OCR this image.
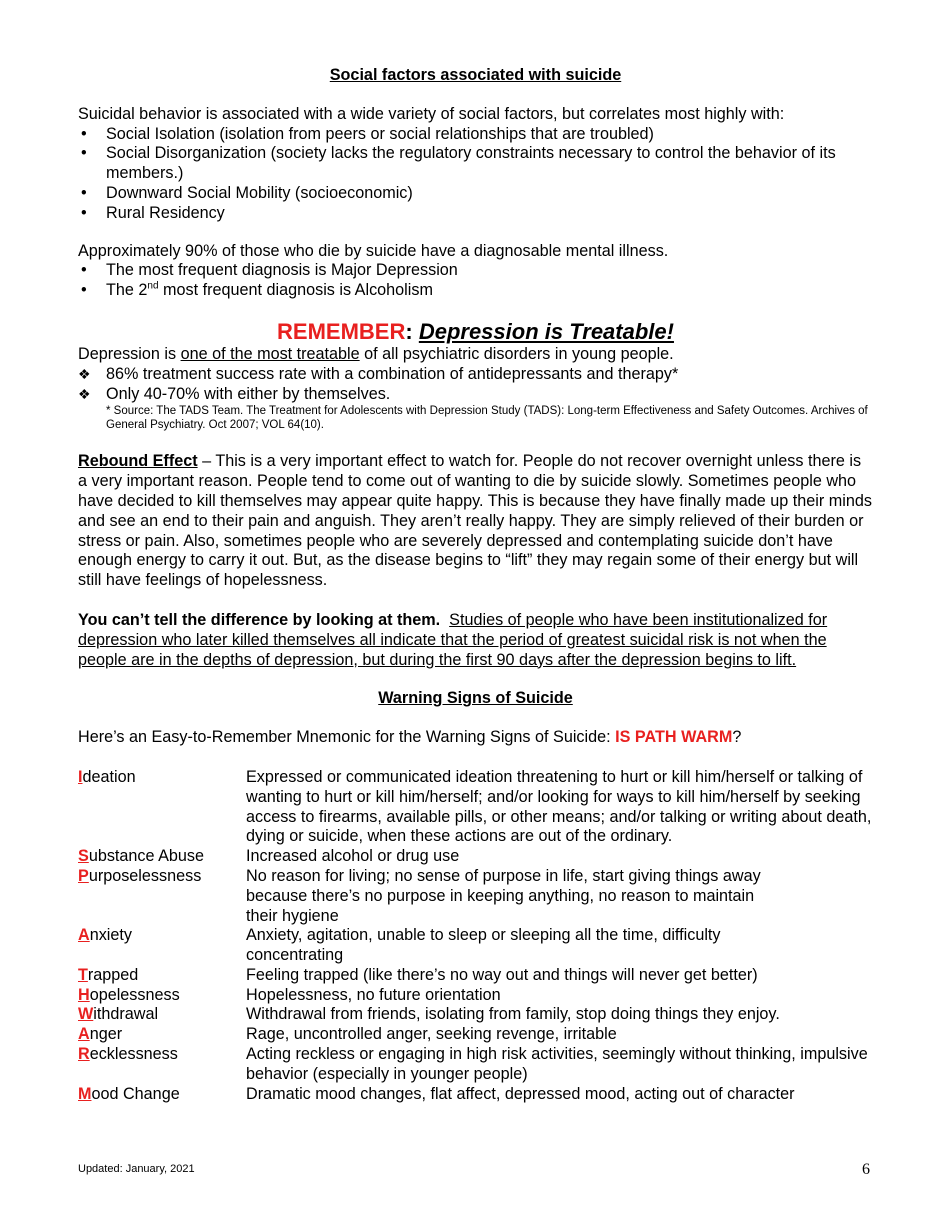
Social factors associated with suicide

Suicidal behavior is associated with a wide variety of social factors, but correlates most highly with:

• Social Isolation (isolation from peers or social relationships that are troubled)
• Social Disorganization (society lacks the regulatory constraints necessary to control the behavior of its members.)
• Downward Social Mobility (socioeconomic)
• Rural Residency

Approximately 90% of those who die by suicide have a diagnosable mental illness.

• The most frequent diagnosis is Major Depression
• The 2nd most frequent diagnosis is Alcoholism

REMEMBER: Depression is Treatable!

Depression is one of the most treatable of all psychiatric disorders in young people.

❖ 86% treatment success rate with a combination of antidepressants and therapy*
❖ Only 40-70% with either by themselves.

* Source: The TADS Team. The Treatment for Adolescents with Depression Study (TADS): Long-term Effectiveness and Safety Outcomes. Archives of General Psychiatry. Oct 2007; VOL 64(10).

Rebound Effect – This is a very important effect to watch for. People do not recover overnight unless there is a very important reason. People tend to come out of wanting to die by suicide slowly. Sometimes people who have decided to kill themselves may appear quite happy. This is because they have finally made up their minds and see an end to their pain and anguish. They aren’t really happy. They are simply relieved of their burden or stress or pain. Also, sometimes people who are severely depressed and contemplating suicide don’t have enough energy to carry it out. But, as the disease begins to “lift” they may regain some of their energy but will still have feelings of hopelessness.

You can’t tell the difference by looking at them. Studies of people who have been institutionalized for depression who later killed themselves all indicate that the period of greatest suicidal risk is not when the people are in the depths of depression, but during the first 90 days after the depression begins to lift.

Warning Signs of Suicide

Here’s an Easy-to-Remember Mnemonic for the Warning Signs of Suicide: IS PATH WARM?

Ideation	Expressed or communicated ideation threatening to hurt or kill him/herself or talking of wanting to hurt or kill him/herself; and/or looking for ways to kill him/herself by seeking access to firearms, available pills, or other means; and/or talking or writing about death, dying or suicide, when these actions are out of the ordinary.
Substance Abuse	Increased alcohol or drug use
Purposelessness	No reason for living; no sense of purpose in life, start giving things away because there’s no purpose in keeping anything, no reason to maintain their hygiene
Anxiety	Anxiety, agitation, unable to sleep or sleeping all the time, difficulty concentrating
Trapped	Feeling trapped (like there’s no way out and things will never get better)
Hopelessness	Hopelessness, no future orientation
Withdrawal	Withdrawal from friends, isolating from family, stop doing things they enjoy.
Anger	Rage, uncontrolled anger, seeking revenge, irritable
Recklessness	Acting reckless or engaging in high risk activities, seemingly without thinking, impulsive behavior (especially in younger people)
Mood Change	Dramatic mood changes, flat affect, depressed mood, acting out of character
Updated: January, 2021	6
